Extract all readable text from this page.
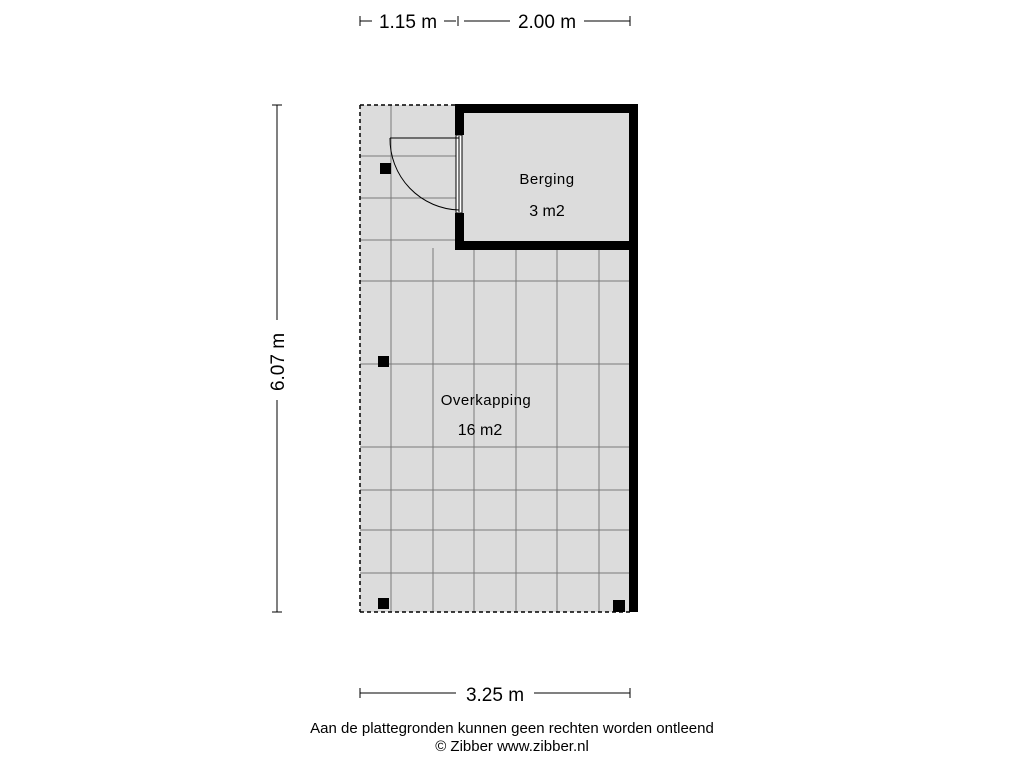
Berging
3 m2
Overkapping
16 m2
1.15 m	2.00 m
6.07 m
3.25 m
Aan de plattegronden kunnen geen rechten worden ontleend
© Zibber www.zibber.nl
